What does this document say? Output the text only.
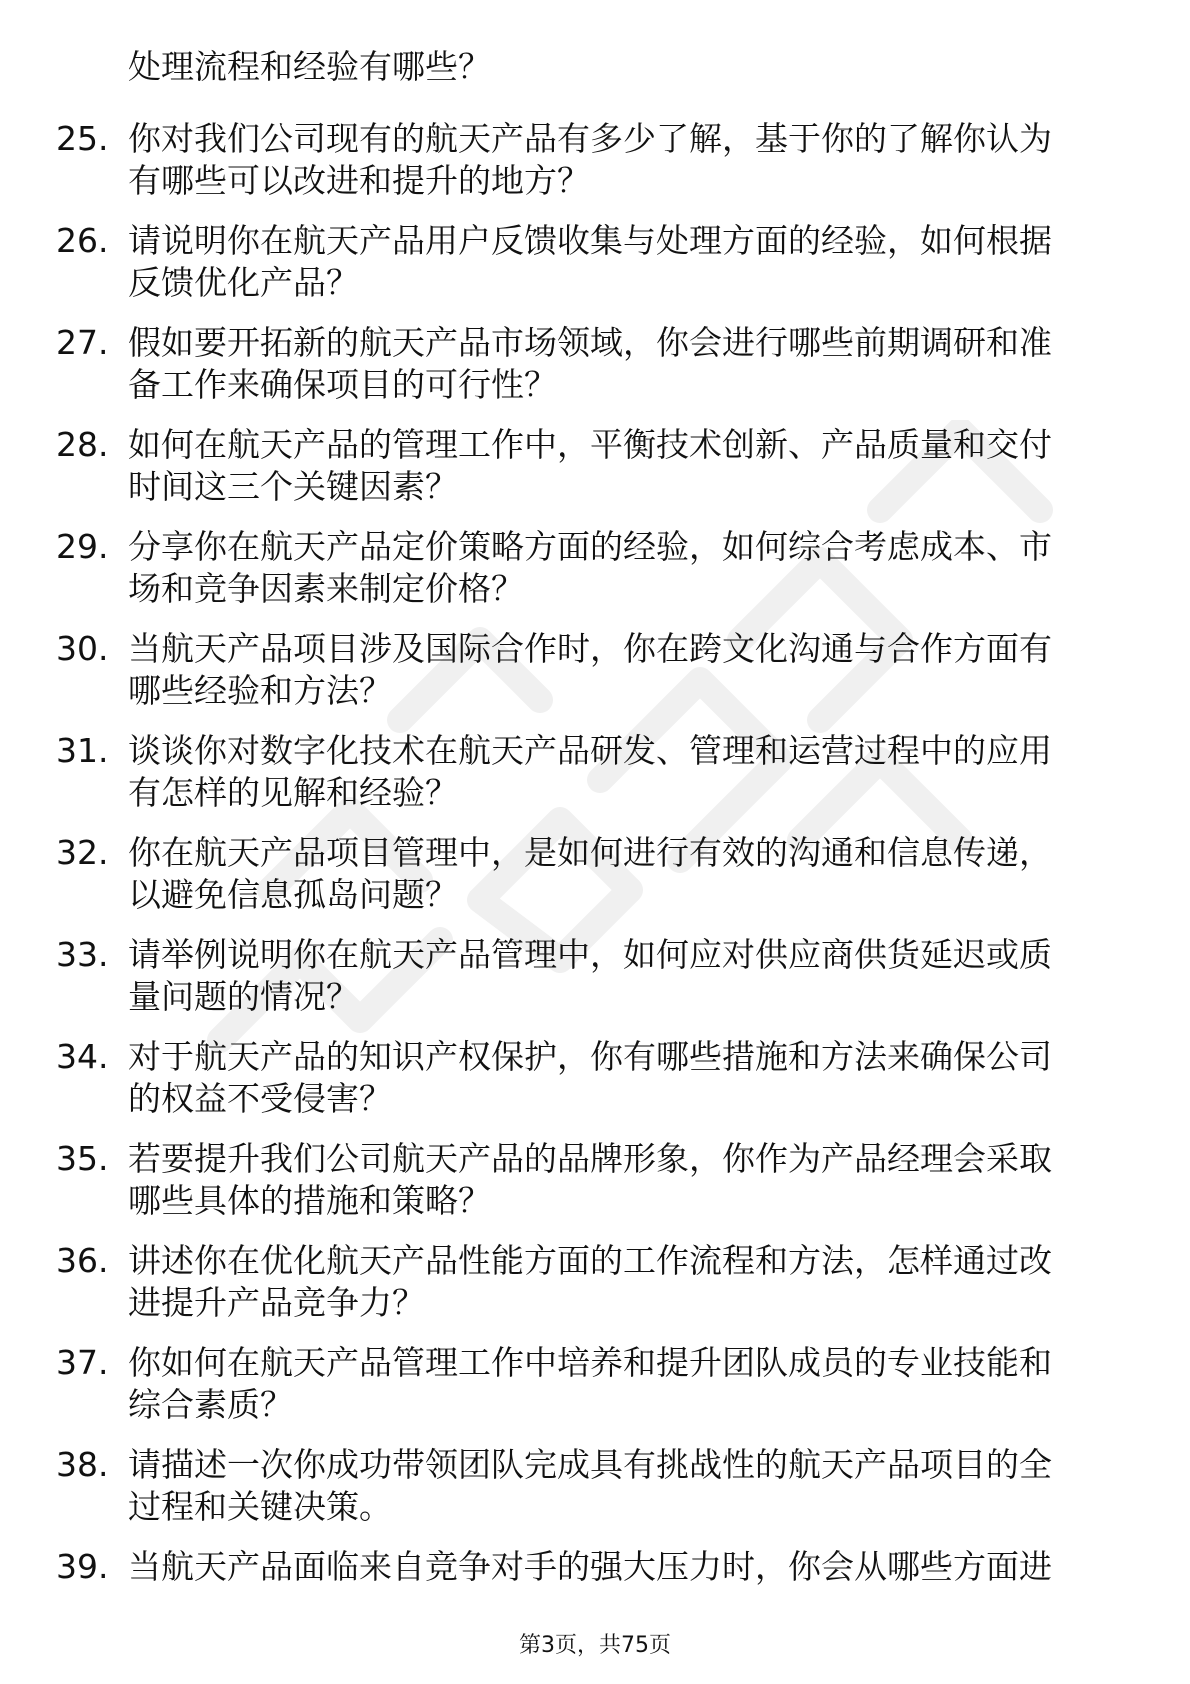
处理流程和经验有哪些？
25. 你对我们公司现有的航天产品有多少了解，基于你的了解你认为
有哪些可以改进和提升的地方？
26. 请说明你在航天产品用户反馈收集与处理方面的经验，如何根据
反馈优化产品？
27. 假如要开拓新的航天产品市场领域，你会进行哪些前期调研和准
备工作来确保项目的可行性？
28. 如何在航天产品的管理工作中，平衡技术创新、产品质量和交付
时间这三个关键因素？
29. 分享你在航天产品定价策略方面的经验，如何综合考虑成本、市
场和竞争因素来制定价格？
30. 当航天产品项目涉及国际合作时，你在跨文化沟通与合作方面有
哪些经验和方法？
31. 谈谈你对数字化技术在航天产品研发、管理和运营过程中的应用
有怎样的见解和经验？
32. 你在航天产品项目管理中，是如何进行有效的沟通和信息传递，
以避免信息孤岛问题？
33. 请举例说明你在航天产品管理中，如何应对供应商供货延迟或质
量问题的情况？
34. 对于航天产品的知识产权保护，你有哪些措施和方法来确保公司
的权益不受侵害？
35. 若要提升我们公司航天产品的品牌形象，你作为产品经理会采取
哪些具体的措施和策略？
36. 讲述你在优化航天产品性能方面的工作流程和方法，怎样通过改
进提升产品竞争力？
37. 你如何在航天产品管理工作中培养和提升团队成员的专业技能和
综合素质？
38. 请描述一次你成功带领团队完成具有挑战性的航天产品项目的全
过程和关键决策。
39. 当航天产品面临来自竞争对手的强大压力时，你会从哪些方面进
第3页，共75页
